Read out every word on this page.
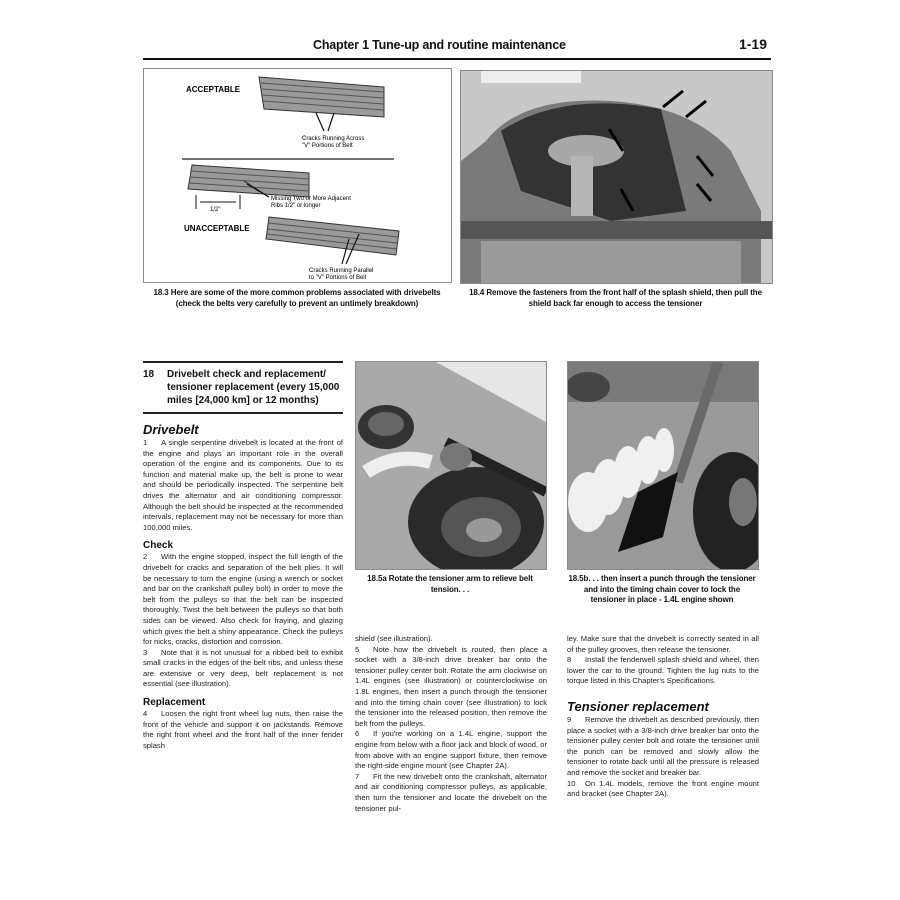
Chapter 1 Tune-up and routine maintenance	1-19
ACCEPTABLE
Cracks Running Across
"V" Portions of Belt
Missing Two or More Adjacent
Ribs 1/2" or longer
1/2"
UNACCEPTABLE
Cracks Running Parallel
to "V" Portions of Belt
18.3 Here are some of the more common problems associated with drivebelts (check the belts very carefully to prevent an untimely breakdown)
18.4 Remove the fasteners from the front half of the splash shield, then pull the shield back far enough to access the tensioner
18	Drivebelt check and replacement/ tensioner replacement (every 15,000 miles [24,000 km] or 12 months)
Drivebelt
1 A single serpentine drivebelt is located at the front of the engine and plays an important role in the overall operation of the engine and its components. Due to its function and material make up, the belt is prone to wear and should be periodically inspected. The serpentine belt drives the alternator and air conditioning compressor. Although the belt should be inspected at the recommended intervals, replacement may not be necessary for more than 100,000 miles.
Check
2 With the engine stopped, inspect the full length of the drivebelt for cracks and separation of the belt plies. It will be necessary to turn the engine (using a wrench or socket and bar on the crankshaft pulley bolt) in order to move the belt from the pulleys so that the belt can be inspected thoroughly. Twist the belt between the pulleys so that both sides can be viewed. Also check for fraying, and glazing which gives the belt a shiny appearance. Check the pulleys for nicks, cracks, distortion and corrosion.
3 Note that it is not unusual for a ribbed belt to exhibit small cracks in the edges of the belt ribs, and unless these are extensive or very deep, belt replacement is not essential (see illustration).
Replacement
4 Loosen the right front wheel lug nuts, then raise the front of the vehicle and support it on jackstands. Remove the right front wheel and the front half of the inner fender splash
18.5a Rotate the tensioner arm to relieve belt tension. . .
18.5b. . . then insert a punch through the tensioner and into the timing chain cover to lock the tensioner in place - 1.4L engine shown
shield (see illustration).
5 Note how the drivebelt is routed, then place a socket with a 3/8-inch drive breaker bar onto the tensioner pulley center bolt. Rotate the arm clockwise on 1.4L engines (see illustration) or counterclockwise on 1.8L engines, then insert a punch through the tensioner and into the timing chain cover (see illustration) to lock the tensioner into the released position, then remove the belt from the pulleys.
6 If you're working on a 1.4L engine, support the engine from below with a floor jack and block of wood, or from above with an engine support fixture, then remove the right-side engine mount (see Chapter 2A).
7 Fit the new drivebelt onto the crankshaft, alternator and air conditioning compressor pulleys, as applicable, then turn the tensioner and locate the drivebelt on the tensioner pul-
ley. Make sure that the drivebelt is correctly seated in all of the pulley grooves, then release the tensioner.
8 Install the fenderwell splash shield and wheel, then lower the car to the ground. Tighten the lug nuts to the torque listed in this Chapter's Specifications.
Tensioner replacement
9 Remove the drivebelt as described previously, then place a socket with a 3/8-inch drive breaker bar onto the tensioner pulley center bolt and rotate the tensioner until the punch can be removed and slowly allow the tensioner to rotate back until all the pressure is released and remove the socket and breaker bar.
10 On 1.4L models, remove the front engine mount and bracket (see Chapter 2A).
